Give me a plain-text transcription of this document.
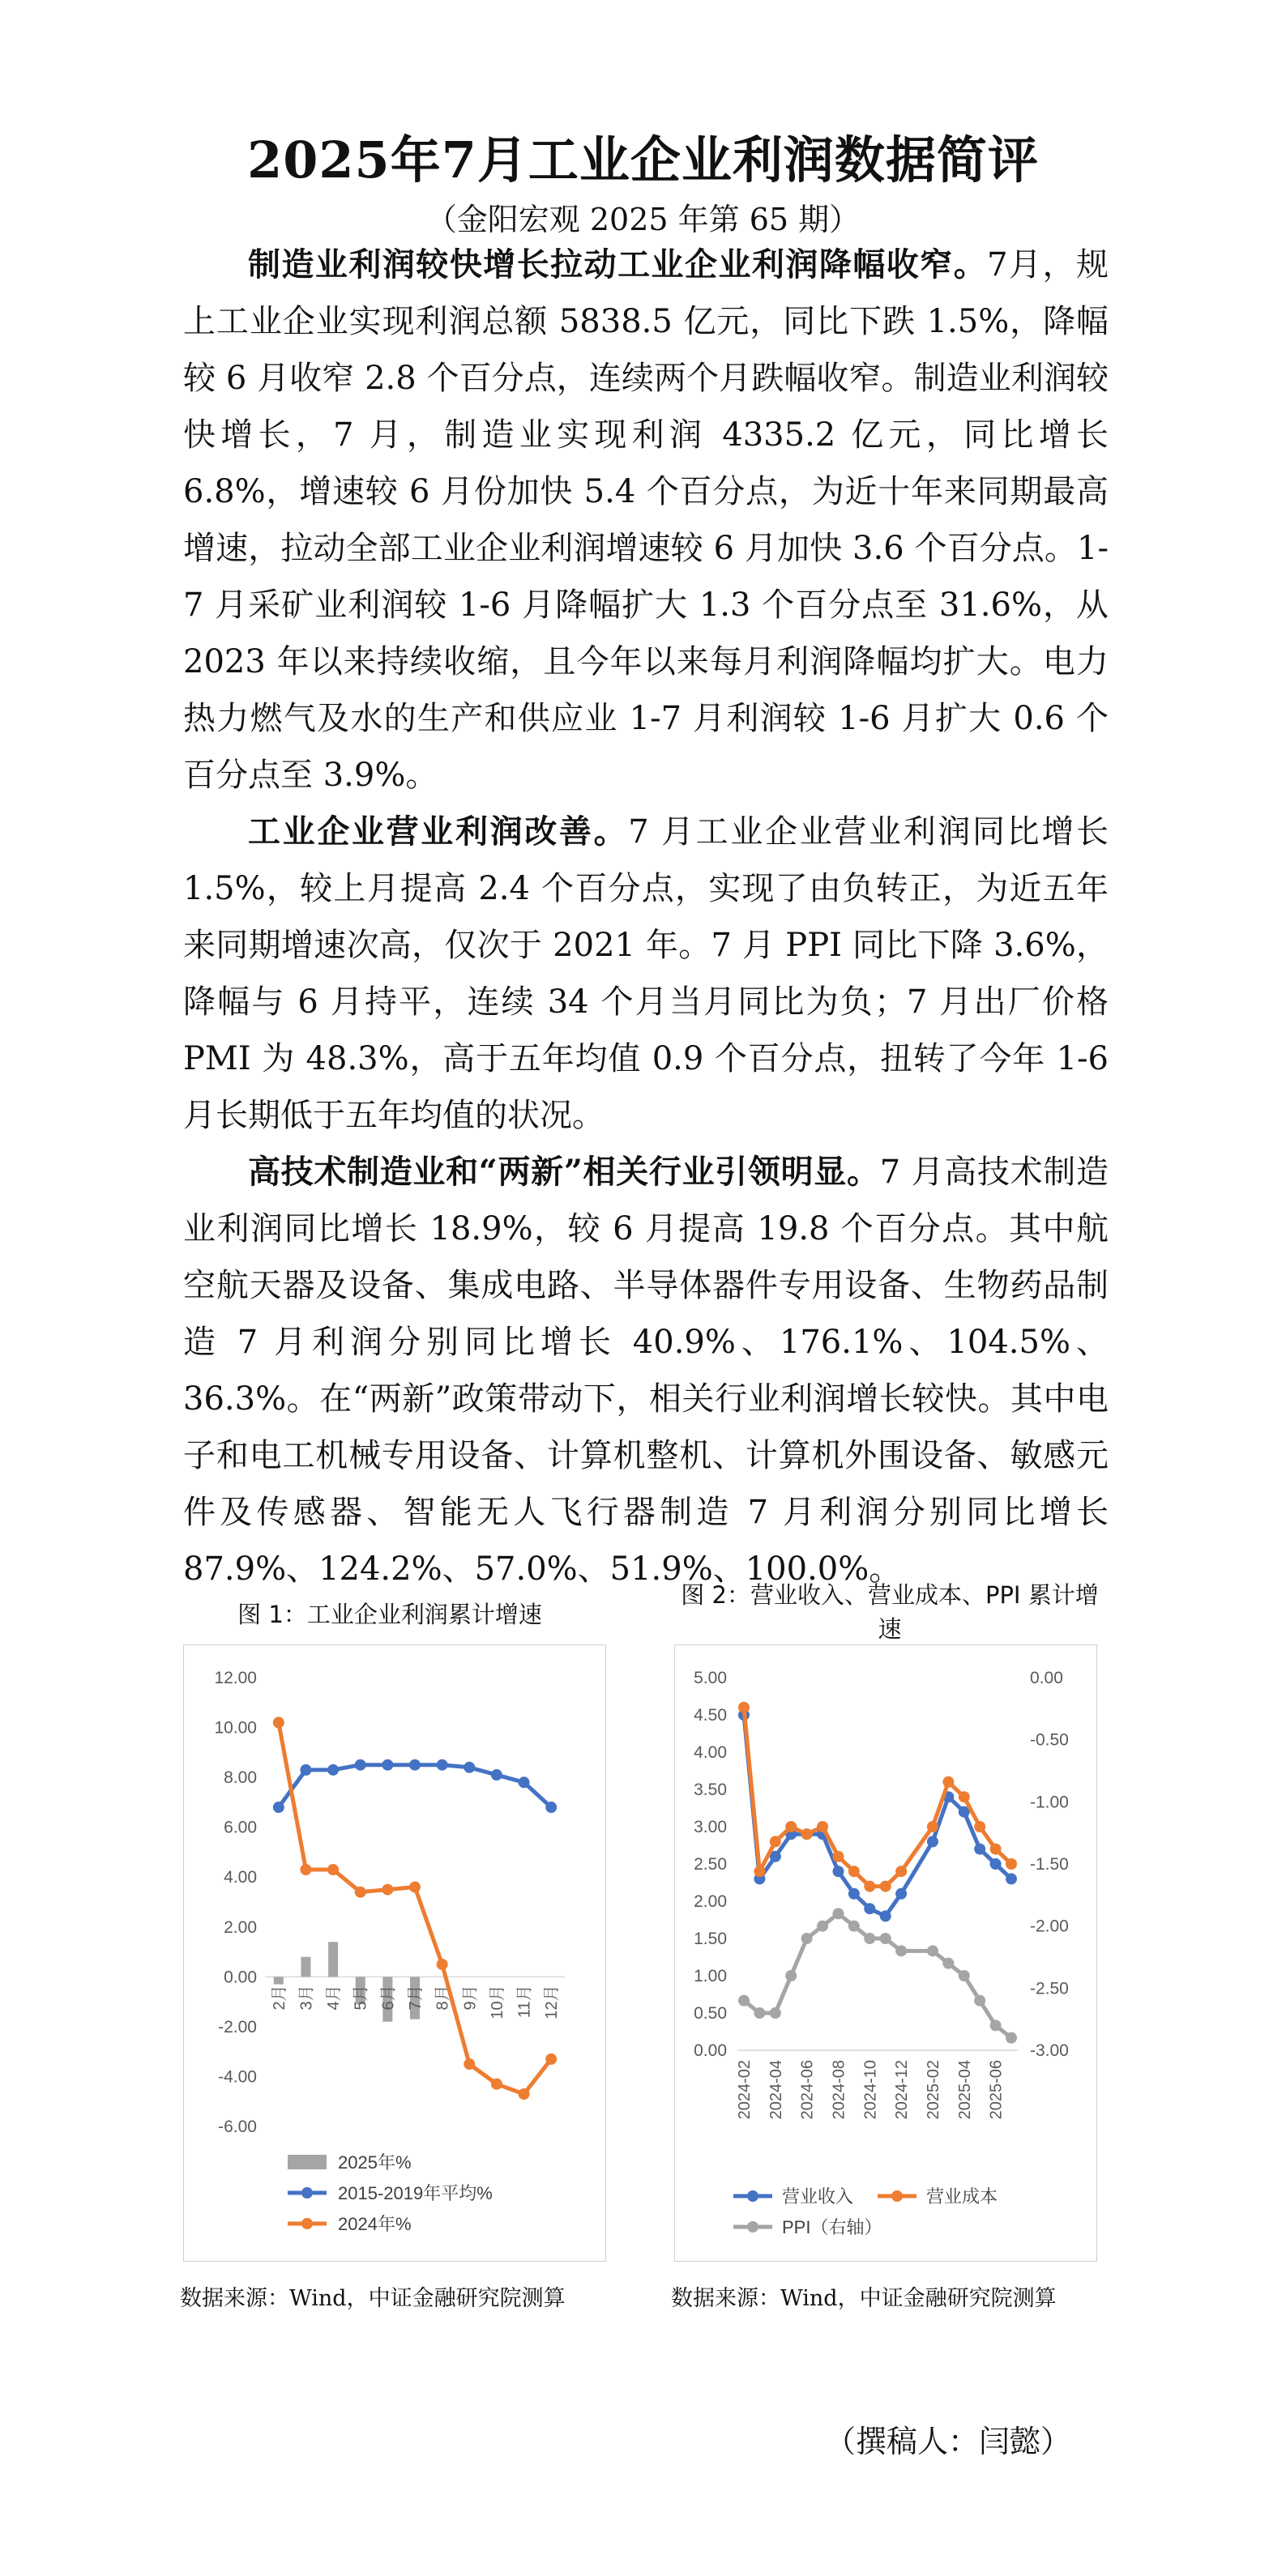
2025年7月工业企业利润数据简评
（金阳宏观 2025 年第 65 期）

制造业利润较快增长拉动工业企业利润降幅收窄。7月，规上工业企业实现利润总额 5838.5 亿元，同比下跌 1.5%，降幅较 6 月收窄 2.8 个百分点，连续两个月跌幅收窄。制造业利润较快增长，7 月，制造业实现利润 4335.2 亿元，同比增长 6.8%，增速较 6 月份加快 5.4 个百分点，为近十年来同期最高增速，拉动全部工业企业利润增速较 6 月加快 3.6 个百分点。1-7 月采矿业利润较 1-6 月降幅扩大 1.3 个百分点至 31.6%，从 2023 年以来持续收缩，且今年以来每月利润降幅均扩大。电力热力燃气及水的生产和供应业 1-7 月利润较 1-6 月扩大 0.6 个百分点至 3.9%。

工业企业营业利润改善。7 月工业企业营业利润同比增长 1.5%，较上月提高 2.4 个百分点，实现了由负转正，为近五年来同期增速次高，仅次于 2021 年。7 月 PPI 同比下降 3.6%，降幅与 6 月持平，连续 34 个月当月同比为负；7 月出厂价格 PMI 为 48.3%，高于五年均值 0.9 个百分点，扭转了今年 1-6 月长期低于五年均值的状况。

高技术制造业和“两新”相关行业引领明显。7 月高技术制造业利润同比增长 18.9%，较 6 月提高 19.8 个百分点。其中航空航天器及设备、集成电路、半导体器件专用设备、生物药品制造 7 月利润分别同比增长 40.9%、176.1%、104.5%、36.3%。在“两新”政策带动下，相关行业利润增长较快。其中电子和电工机械专用设备、计算机整机、计算机外围设备、敏感元件及传感器、智能无人飞行器制造 7 月利润分别同比增长 87.9%、124.2%、57.0%、51.9%、100.0%。

图 1：工业企业利润累计增速
12.00
10.00
8.00
6.00
4.00
2.00
0.00
-2.00
-4.00
-6.00
2月 3月 4月 5月 6月 7月 8月 9月 10月 11月 12月
2025年%
2015-2019年平均%
2024年%
数据来源：Wind，中证金融研究院测算
图 2：营业收入、营业成本、PPI 累计增速
5.00
4.50
4.00
3.50
3.00
2.50
2.00
1.50
1.00
0.50
0.00
0.00
-0.50
-1.00
-1.50
-2.00
-2.50
-3.00
2024-02 2024-04 2024-06 2024-08 2024-10 2024-12 2025-02 2025-04 2025-06
营业收入	营业成本
PPI（右轴）
数据来源：Wind，中证金融研究院测算
（撰稿人：闫懿）
